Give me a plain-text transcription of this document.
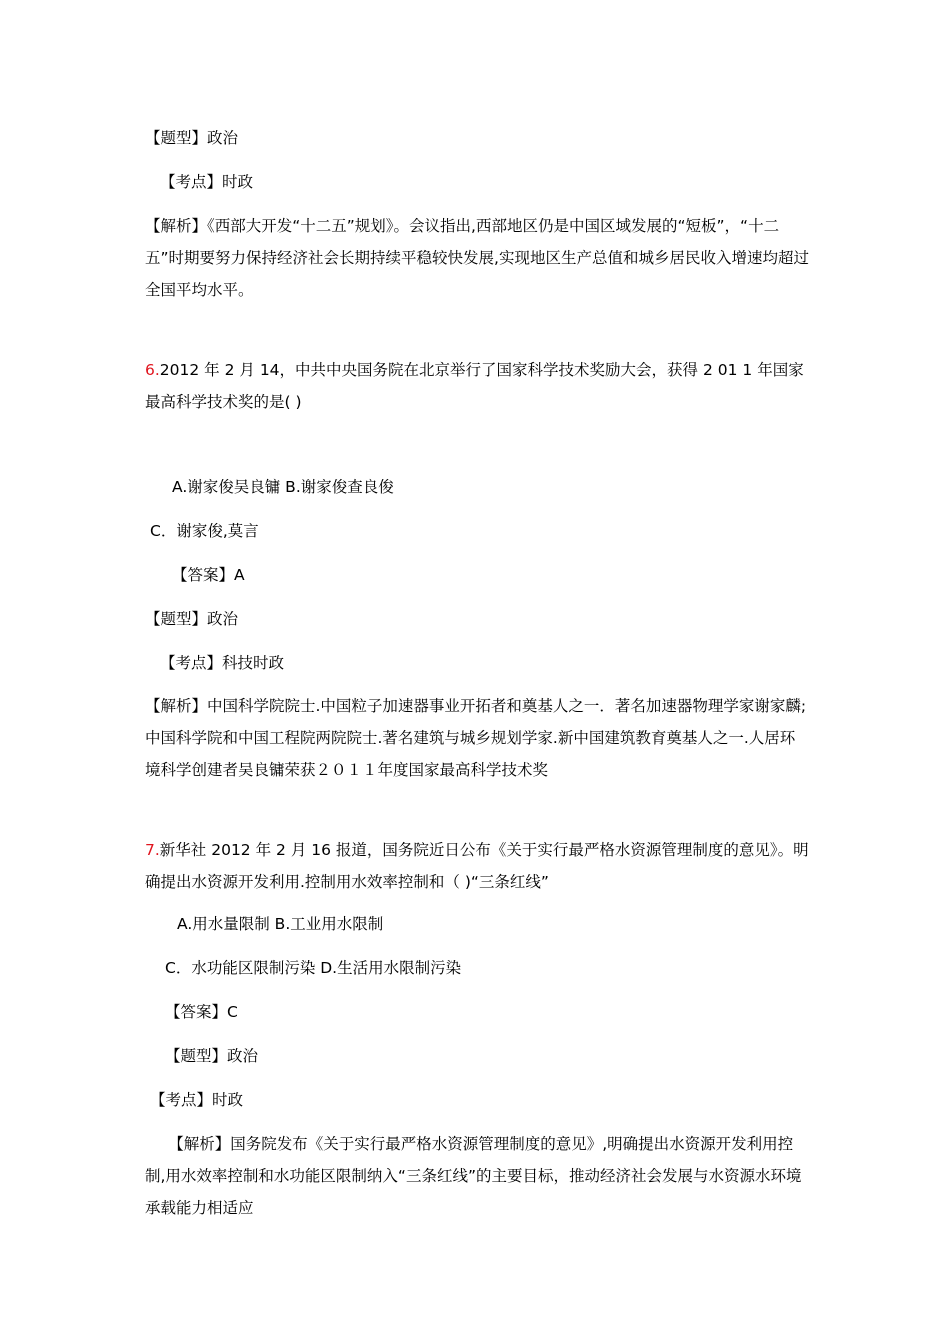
【题型】政治
【考点】时政
【解析】《西部大开发“十二五”规划》。会议指出,西部地区仍是中国区域发展的“短板”，“十二五”时期要努力保持经济社会长期持续平稳较快发展,实现地区生产总值和城乡居民收入增速均超过全国平均水平。
6.2012 年 2 月 14，中共中央国务院在北京举行了国家科学技术奖励大会，获得 2 01 1 年国家最高科学技术奖的是( )
A.谢家俊吴良镛 B.谢家俊查良俊
C．谢家俊,莫言
【答案】A
【题型】政治
【考点】科技时政
【解析】中国科学院院士.中国粒子加速器事业开拓者和奠基人之一．著名加速器物理学家谢家麟;中国科学院和中国工程院两院院士.著名建筑与城乡规划学家.新中国建筑教育奠基人之一.人居环境科学创建者吴良镛荣获２０１１年度国家最高科学技术奖
7.新华社 2012 年 2 月 16 报道，国务院近日公布《关于实行最严格水资源管理制度的意见》。明确提出水资源开发利用.控制用水效率控制和（ )“三条红线”
A.用水量限制 B.工业用水限制
C．水功能区限制污染 D.生活用水限制污染
【答案】C
【题型】政治
【考点】时政
　　【解析】国务院发布《关于实行最严格水资源管理制度的意见》,明确提出水资源开发利用控制,用水效率控制和水功能区限制纳入“三条红线”的主要目标，推动经济社会发展与水资源水环境承载能力相适应
